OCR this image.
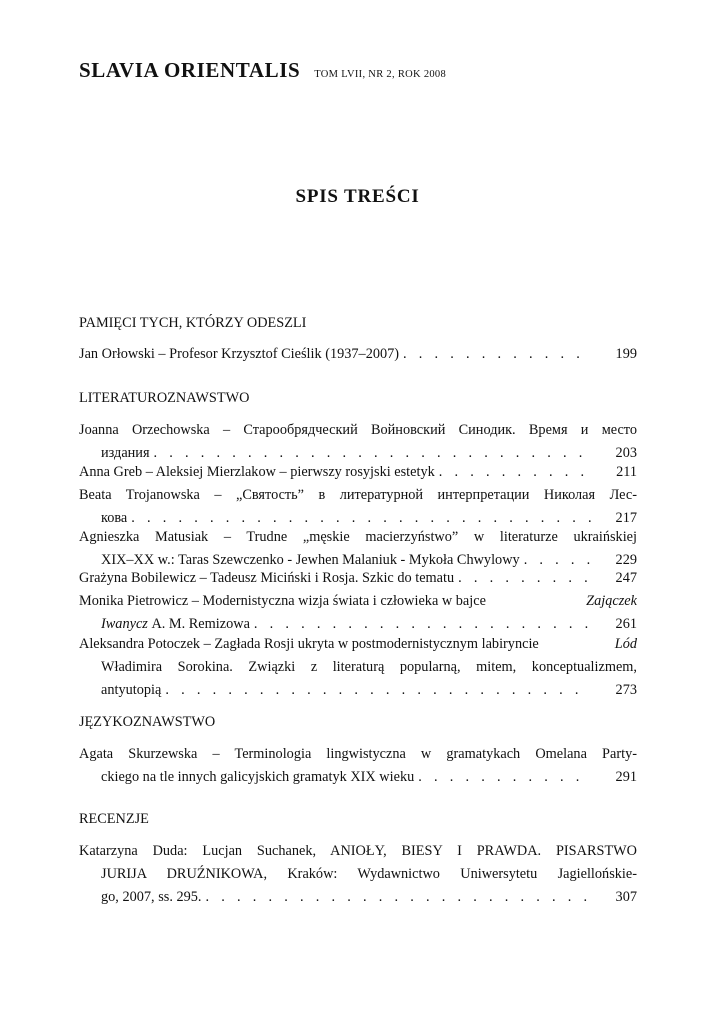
SLAVIA ORIENTALIS TOM LVII, NR 2, ROK 2008
SPIS TREŚCI
PAMIĘCI TYCH, KTÓRZY ODESZLI
Jan Orłowski – Profesor Krzysztof Cieślik (1937–2007) . . .	199
LITERATUROZNAWSTWO
Joanna Orzechowska – Старообрядческий Войновский Синодик. Время и место
издания . . .	203
Anna Greb – Aleksiej Mierzlakow – pierwszy rosyjski estetyk . . .	211
Beata Trojanowska – „Святость” в литературной интерпретации Николая Лес-
кова . . .	217
Agnieszka Matusiak – Trudne „męskie macierzyństwo” w literaturze ukraińskiej
XIX–XX w.: Taras Szewczenko - Jewhen Malaniuk - Mykoła Chwylowy . . .	229
Grażyna Bobilewicz – Tadeusz Miciński i Rosja. Szkic do tematu . . .	247
Monika Pietrowicz – Modernistyczna wizja świata i człowieka w bajce	Zajączek
Iwanycz A. M. Remizowa . . .	261
Aleksandra Potoczek – Zagłada Rosji ukryta w postmodernistycznym labiryncie	Lód
Władimira Sorokina. Związki z literaturą popularną, mitem, konceptualizmem,
antyutopią . . .	273
JĘZYKOZNAWSTWO
Agata Skurzewska – Terminologia lingwistyczna w gramatykach Omelana Party-
ckiego na tle innych galicyjskich gramatyk XIX wieku . . .	291
RECENZJE
Katarzyna Duda: Lucjan Suchanek, ANIOŁY, BIESY I PRAWDA. PISARSTWO
JURIJA DRUŹNIKOWA, Kraków: Wydawnictwo Uniwersytetu Jagiellońskie-
go, 2007, ss. 295. . . .	307
